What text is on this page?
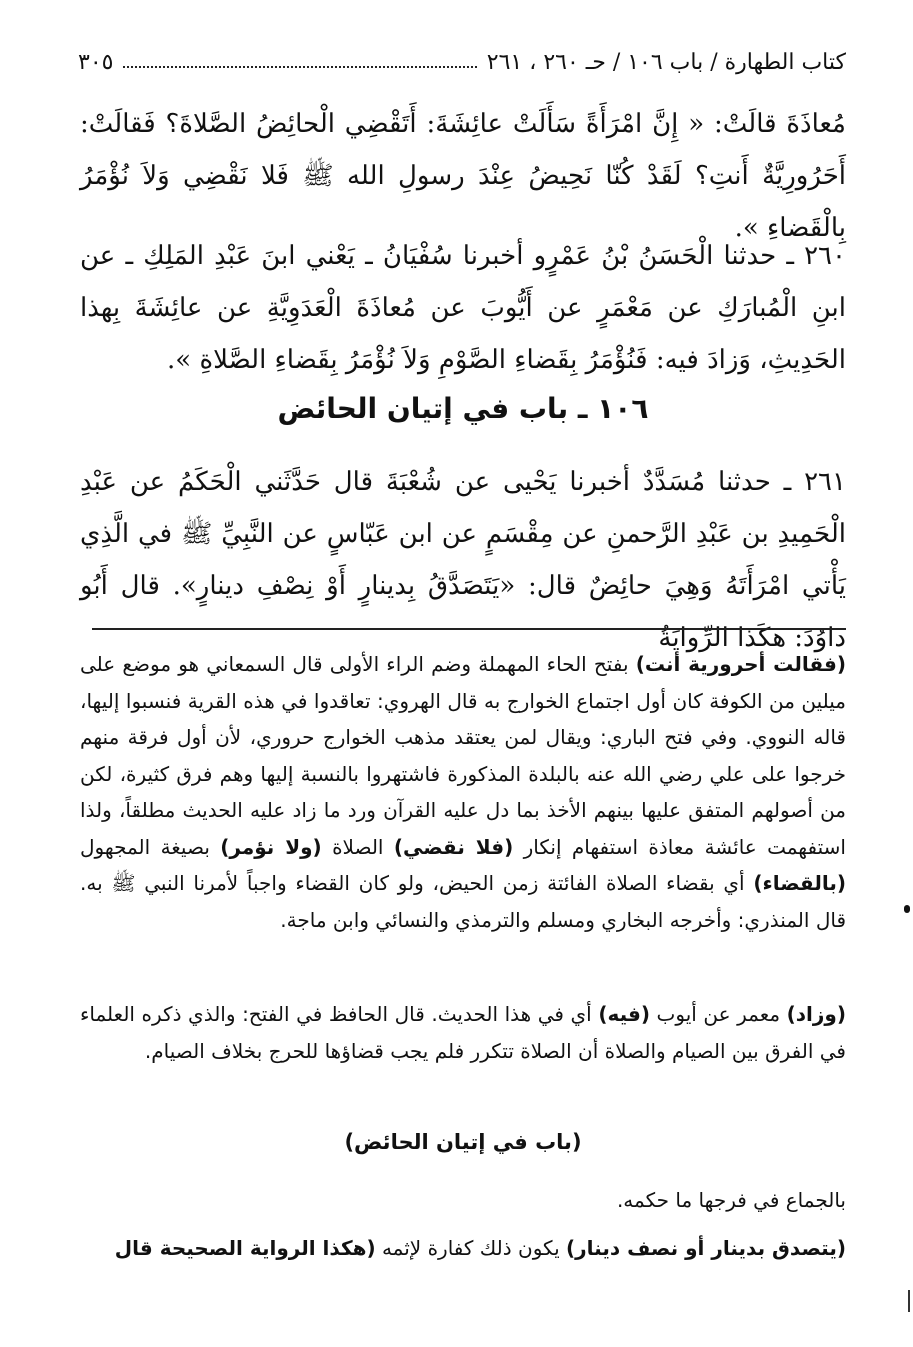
كتاب الطهارة / باب ١٠٦ / حـ ٢٦٠ ، ٢٦١
٣٠٥
مُعاذَةَ قالَتْ: « إِنَّ امْرَأَةً سَأَلَتْ عائِشَةَ: أَتَقْضِي الْحائِضُ الصَّلاةَ؟ فَقالَتْ: أَحَرُورِيَّةٌ أَنتِ؟ لَقَدْ كُنّا نَحِيضُ عِنْدَ رسولِ الله ﷺ فَلا نَقْضِي وَلاَ نُؤْمَرُ بِالْقَضاءِ ».
٢٦٠ ـ حدثنا الْحَسَنُ بْنُ عَمْرٍو أخبرنا سُفْيَانُ ـ يَعْني ابنَ عَبْدِ المَلِكِ ـ عن ابنِ الْمُبارَكِ عن مَعْمَرٍ عن أَيُّوبَ عن مُعاذَةَ الْعَدَوِيَّةِ عن عائِشَةَ بِهذا الحَدِيثِ، وَزادَ فيه: فَنُؤْمَرُ بِقَضاءِ الصَّوْمِ وَلاَ نُؤْمَرُ بِقَضاءِ الصَّلاةِ ».
١٠٦ ـ باب في إتيان الحائض
٢٦١ ـ حدثنا مُسَدَّدٌ أخبرنا يَحْيى عن شُعْبَةَ قال حَدَّثَني الْحَكَمُ عن عَبْدِ الْحَمِيدِ بن عَبْدِ الرَّحمنِ عن مِقْسَمٍ عن ابن عَبّاسٍ عن النَّبِيِّ ﷺ في الَّذِي يَأْتي امْرَأَتَهُ وَهِيَ حائِضٌ قال: «يَتَصَدَّقُ بِدينارٍ أَوْ نِصْفِ دينارٍ». قال أَبُو داوُدَ: هكَذا الرِّوايَةُ
(فقالت أحرورية أنت) بفتح الحاء المهملة وضم الراء الأولى قال السمعاني هو موضع على ميلين من الكوفة كان أول اجتماع الخوارج به قال الهروي: تعاقدوا في هذه القرية فنسبوا إليها، قاله النووي. وفي فتح الباري: ويقال لمن يعتقد مذهب الخوارج حروري، لأن أول فرقة منهم خرجوا على علي رضي الله عنه بالبلدة المذكورة فاشتهروا بالنسبة إليها وهم فرق كثيرة، لكن من أصولهم المتفق عليها بينهم الأخذ بما دل عليه القرآن ورد ما زاد عليه الحديث مطلقاً، ولذا استفهمت عائشة معاذة استفهام إنكار (فلا نقضي) الصلاة (ولا نؤمر) بصيغة المجهول (بالقضاء) أي بقضاء الصلاة الفائتة زمن الحيض، ولو كان القضاء واجباً لأمرنا النبي ﷺ به. قال المنذري: وأخرجه البخاري ومسلم والترمذي والنسائي وابن ماجة.
(وزاد) معمر عن أيوب (فيه) أي في هذا الحديث. قال الحافظ في الفتح: والذي ذكره العلماء في الفرق بين الصيام والصلاة أن الصلاة تتكرر فلم يجب قضاؤها للحرج بخلاف الصيام.
(باب في إتيان الحائض)
بالجماع في فرجها ما حكمه.
(يتصدق بدينار أو نصف دينار) يكون ذلك كفارة لإثمه (هكذا الرواية الصحيحة قال
